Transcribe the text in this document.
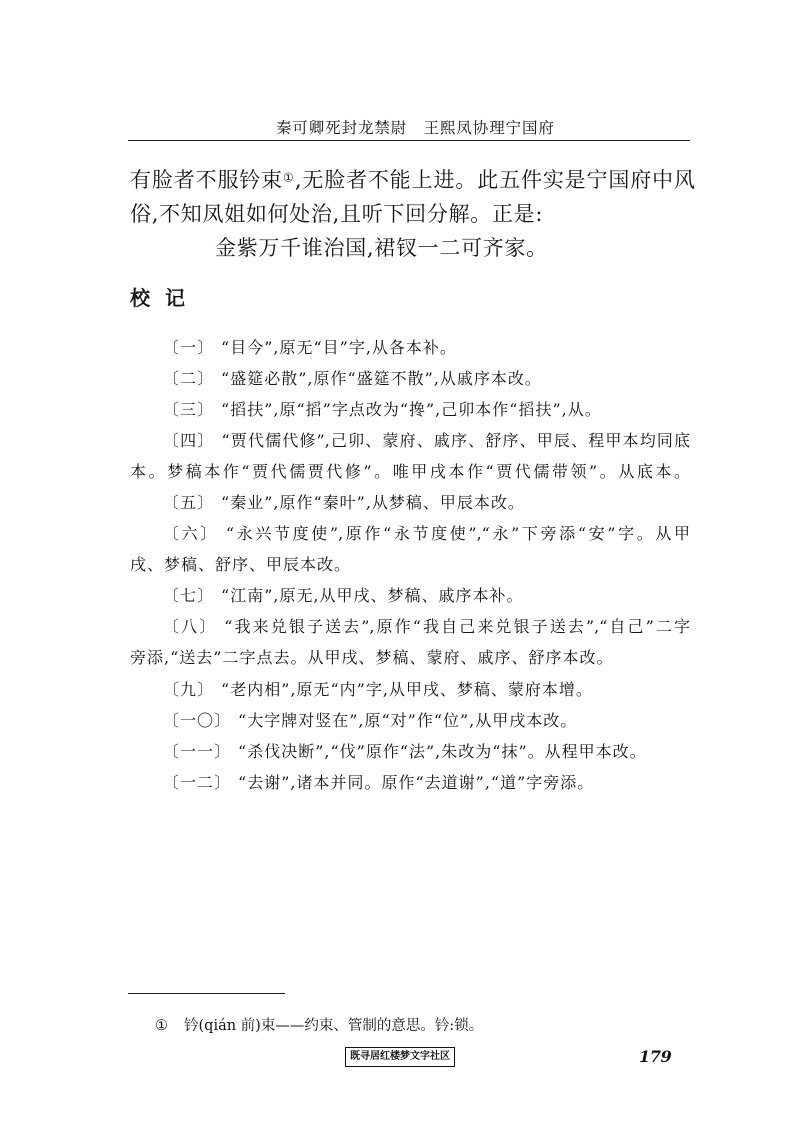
秦可卿死封龙禁尉　王熙凤协理宁国府
有脸者不服钤束①,无脸者不能上进。此五件实是宁国府中风
俗,不知凤姐如何处治,且听下回分解。正是:
金紫万千谁治国,裙钗一二可齐家。
校 记
〔一〕 “目今”,原无“目”字,从各本补。
〔二〕 “盛筵必散”,原作“盛筵不散”,从戚序本改。
〔三〕 “搯扶”,原“搯”字点改为“搀”,己卯本作“搯扶”,从。
〔四〕 “贾代儒代修”,己卯、蒙府、戚序、舒序、甲辰、程甲本均同底
本。梦稿本作“贾代儒贾代修”。唯甲戌本作“贾代儒带领”。从底本。
〔五〕 “秦业”,原作“秦叶”,从梦稿、甲辰本改。
〔六〕 “永兴节度使”,原作“永节度使”,“永”下旁添“安”字。从甲
戌、梦稿、舒序、甲辰本改。
〔七〕 “江南”,原无,从甲戌、梦稿、戚序本补。
〔八〕 “我来兑银子送去”,原作“我自己来兑银子送去”,“自己”二字
旁添,“送去”二字点去。从甲戌、梦稿、蒙府、戚序、舒序本改。
〔九〕 “老内相”,原无“内”字,从甲戌、梦稿、蒙府本增。
〔一〇〕 “大字牌对竖在”,原“对”作“位”,从甲戌本改。
〔一一〕 “杀伐决断”,“伐”原作“法”,朱改为“抹”。从程甲本改。
〔一二〕 “去谢”,诸本并同。原作“去道谢”,“道”字旁添。
① 钤(qián 前)束——约束、管制的意思。钤:锁。
既寻居红楼梦文字社区	179
